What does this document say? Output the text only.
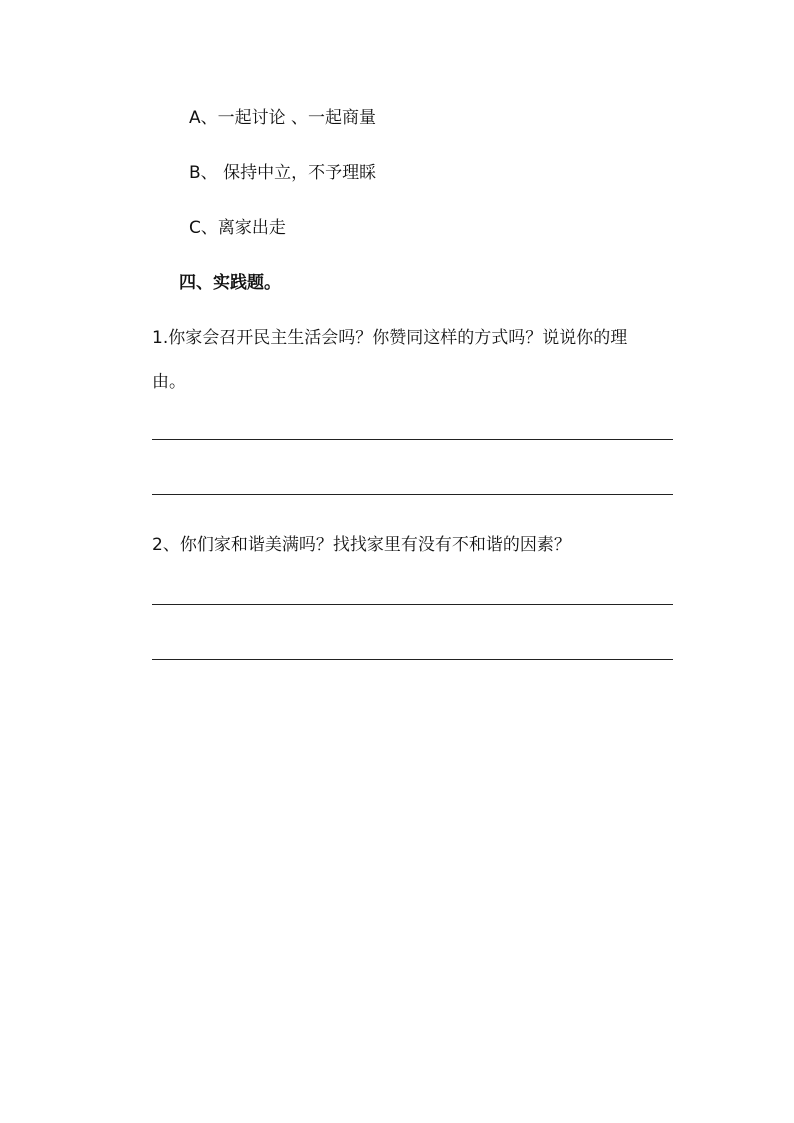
A、一起讨论 、一起商量
B、 保持中立，不予理睬
C、离家出走
四、实践题。
1.你家会召开民主生活会吗？你赞同这样的方式吗？说说你的理
由。
2、你们家和谐美满吗？找找家里有没有不和谐的因素？
